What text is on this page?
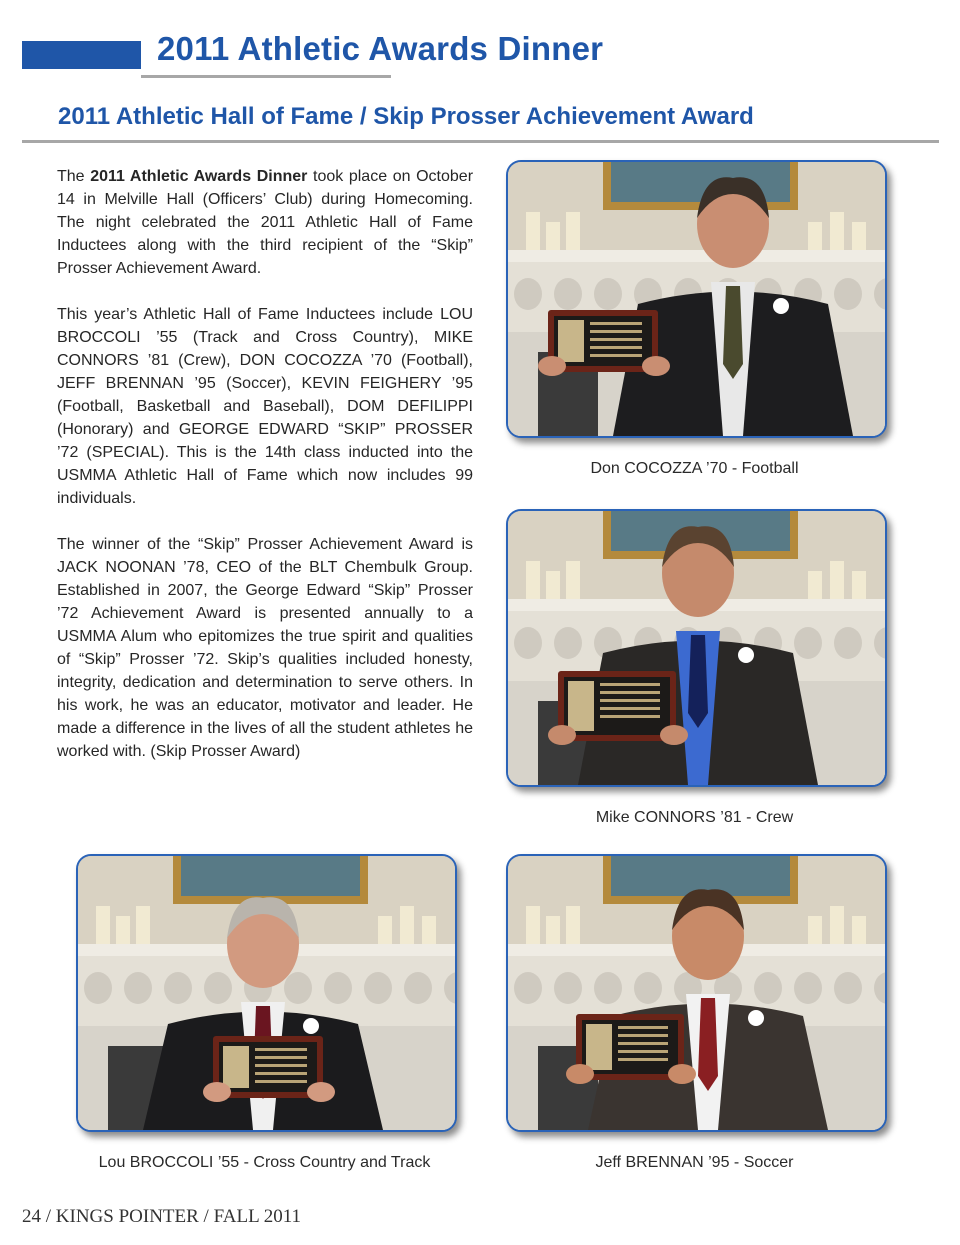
2011 Athletic Awards Dinner
2011 Athletic Hall of Fame / Skip Prosser Achievement Award

The 2011 Athletic Awards Dinner took place on October 14 in Melville Hall (Officers’ Club) during Homecoming. The night celebrated the 2011 Athletic Hall of Fame Inductees along with the third recipient of the “Skip” Prosser Achievement Award.

This year’s Athletic Hall of Fame Inductees include LOU BROCCOLI ’55 (Track and Cross Country), MIKE CONNORS ’81 (Crew), DON COCOZZA ’70 (Football), JEFF BRENNAN ’95 (Soccer), KEVIN FEIGHERY ’95 (Football, Basketball and Baseball), DOM DEFILIPPI (Honorary) and GEORGE EDWARD “SKIP” PROSSER ’72 (SPECIAL). This is the 14th class inducted into the USMMA Athletic Hall of Fame which now includes 99 individuals.

The winner of the “Skip” Prosser Achievement Award is JACK NOONAN ’78, CEO of the BLT Chembulk Group. Established in 2007, the George Edward “Skip” Prosser ’72 Achievement Award is presented annually to a USMMA Alum who epitomizes the true spirit and qualities of “Skip” Prosser ’72. Skip’s qualities included honesty, integrity, dedication and determination to serve others. In his work, he was an educator, motivator and leader. He made a difference in the lives of all the student athletes he worked with. (Skip Prosser Award)

Don COCOZZA ’70 - Football
Mike CONNORS ’81 - Crew
Lou BROCCOLI ’55 - Cross Country and Track	Jeff BRENNAN ’95 - Soccer
24 / KINGS POINTER / FALL 2011
